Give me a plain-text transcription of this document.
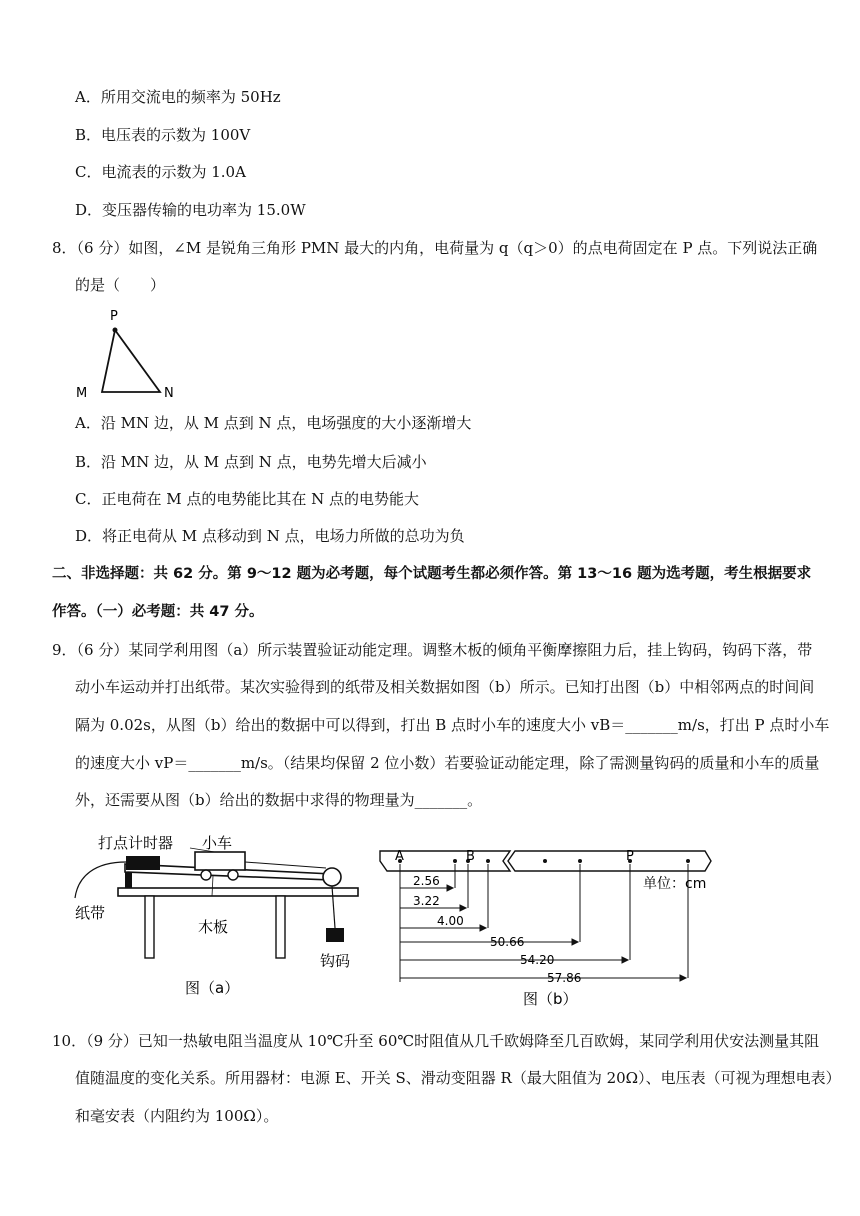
A．所用交流电的频率为 50Hz
B．电压表的示数为 100V
C．电流表的示数为 1.0A
D．变压器传输的电功率为 15.0W
8．（6 分）如图，∠M 是锐角三角形 PMN 最大的内角，电荷量为 q（q＞0）的点电荷固定在 P 点。下列说法正确
的是（　　）
P
M	N
A．沿 MN 边，从 M 点到 N 点，电场强度的大小逐渐增大
B．沿 MN 边，从 M 点到 N 点，电势先增大后减小
C．正电荷在 M 点的电势能比其在 N 点的电势能大
D．将正电荷从 M 点移动到 N 点，电场力所做的总功为负
二、非选择题：共 62 分。第 9～12 题为必考题，每个试题考生都必须作答。第 13～16 题为选考题，考生根据要求
作答。（一）必考题：共 47 分。
9．（6 分）某同学利用图（a）所示装置验证动能定理。调整木板的倾角平衡摩擦阻力后，挂上钩码，钩码下落，带
动小车运动并打出纸带。某次实验得到的纸带及相关数据如图（b）所示。已知打出图（b）中相邻两点的时间间
隔为 0.02s，从图（b）给出的数据中可以得到，打出 B 点时小车的速度大小 vB＝_______m/s，打出 P 点时小车
的速度大小 vP＝_______m/s。（结果均保留 2 位小数）若要验证动能定理，除了需测量钩码的质量和小车的质量
外，还需要从图（b）给出的数据中求得的物理量为_______。
打点计时器 小车
纸带
木板
钩码
图（a）
A	B	P
2.56
3.22
4.00
50.66
54.20
57.86
单位：cm
图（b）
10．（9 分）已知一热敏电阻当温度从 10℃升至 60℃时阻值从几千欧姆降至几百欧姆，某同学利用伏安法测量其阻
值随温度的变化关系。所用器材：电源 E、开关 S、滑动变阻器 R（最大阻值为 20Ω）、电压表（可视为理想电表）
和毫安表（内阻约为 100Ω）。
